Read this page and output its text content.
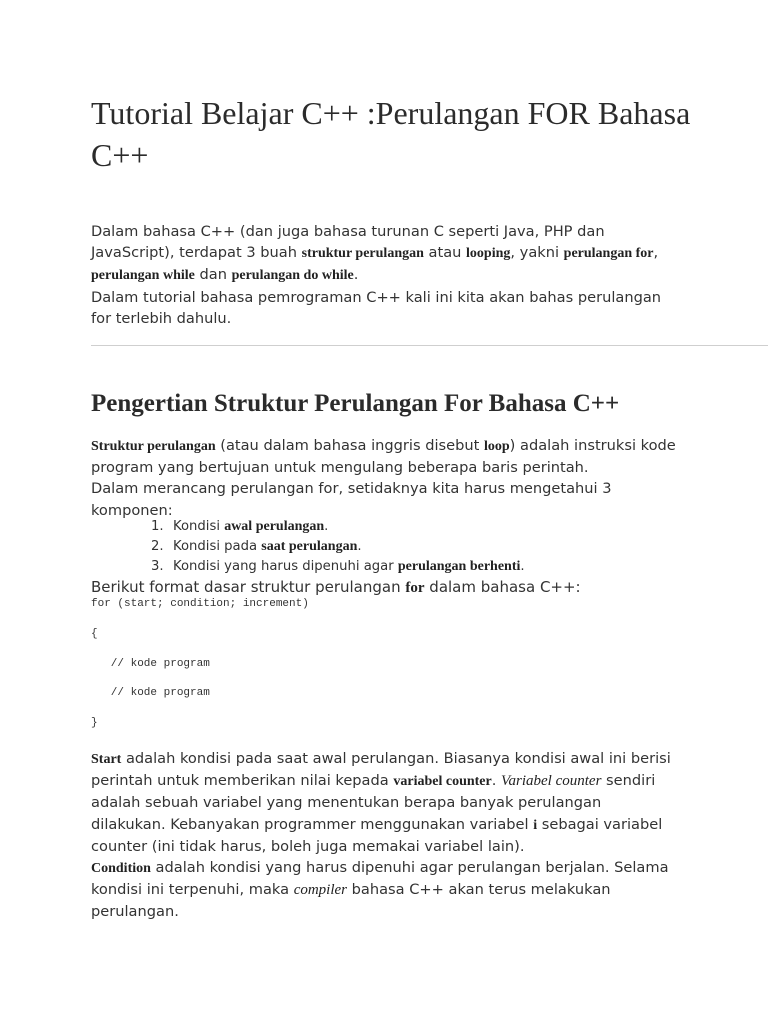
Tutorial Belajar C++ :Perulangan FOR Bahasa C++

Dalam bahasa C++ (dan juga bahasa turunan C seperti Java, PHP dan JavaScript), terdapat 3 buah struktur perulangan atau looping, yakni perulangan for, perulangan while dan perulangan do while.
Dalam tutorial bahasa pemrograman C++ kali ini kita akan bahas perulangan for terlebih dahulu.

Pengertian Struktur Perulangan For Bahasa C++

Struktur perulangan (atau dalam bahasa inggris disebut loop) adalah instruksi kode program yang bertujuan untuk mengulang beberapa baris perintah.
Dalam merancang perulangan for, setidaknya kita harus mengetahui 3 komponen:

1. Kondisi awal perulangan.
2. Kondisi pada saat perulangan.
3. Kondisi yang harus dipenuhi agar perulangan berhenti.
Berikut format dasar struktur perulangan for dalam bahasa C++:
for (start; condition; increment)
{
// kode program
// kode program
}

Start adalah kondisi pada saat awal perulangan. Biasanya kondisi awal ini berisi perintah untuk memberikan nilai kepada variabel counter. Variabel counter sendiri adalah sebuah variabel yang menentukan berapa banyak perulangan dilakukan. Kebanyakan programmer menggunakan variabel i sebagai variabel counter (ini tidak harus, boleh juga memakai variabel lain).
Condition adalah kondisi yang harus dipenuhi agar perulangan berjalan. Selama kondisi ini terpenuhi, maka compiler bahasa C++ akan terus melakukan perulangan.
